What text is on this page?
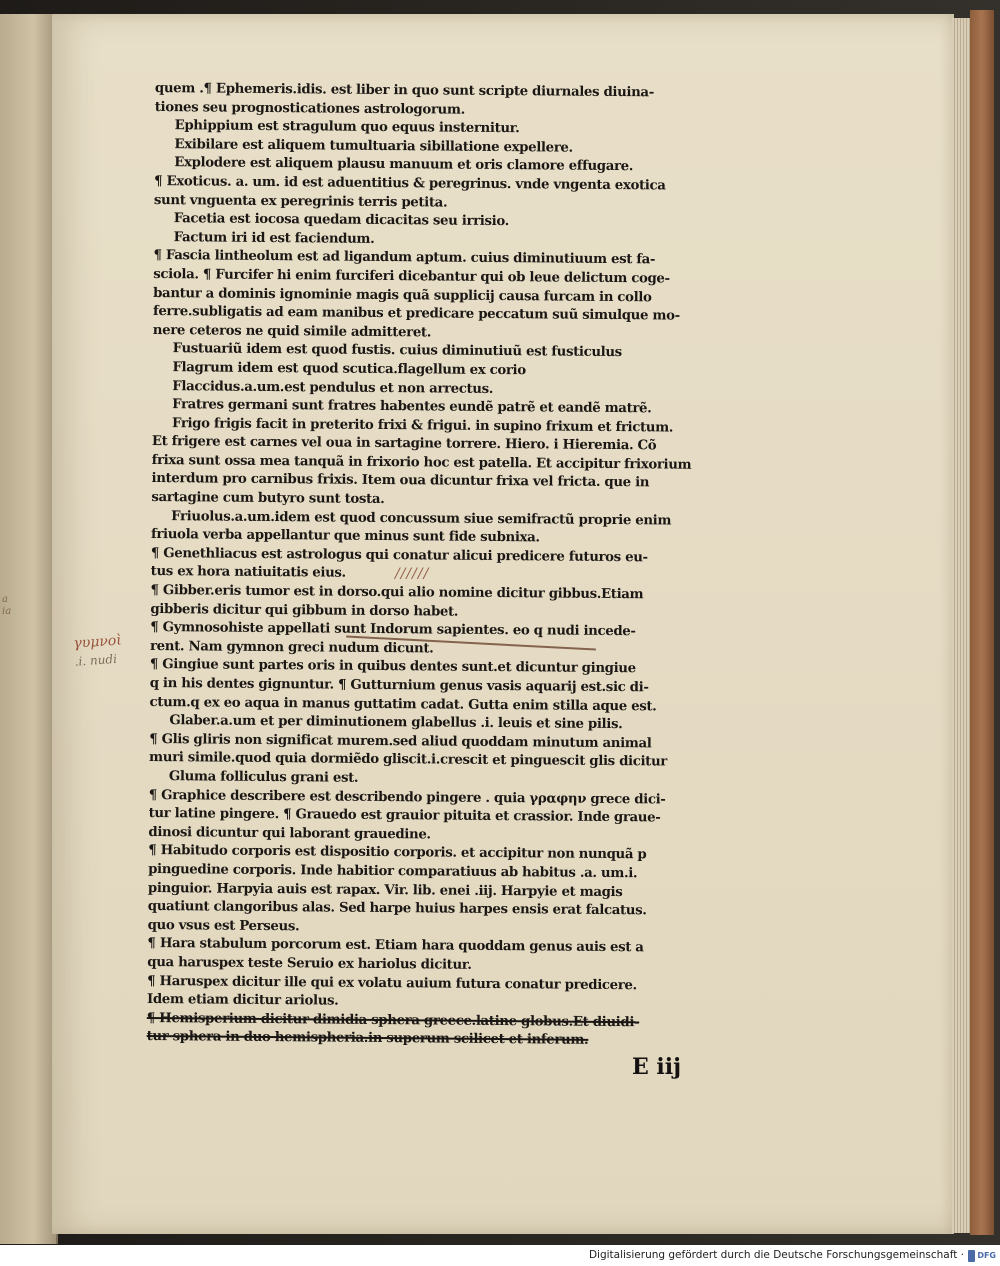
a
ia
quem .¶ Ephemeris.idis. est liber in quo sunt scripte diurnales diuina-
tiones seu prognosticationes astrologorum.
Ephippium est stragulum quo equus insternitur.
Exibilare est aliquem tumultuaria sibillatione expellere.
Explodere est aliquem plausu manuum et oris clamore effugare.
¶ Exoticus. a. um. id est aduentitius & peregrinus. vnde vngenta exotica
sunt vnguenta ex peregrinis terris petita.
Facetia est iocosa quedam dicacitas seu irrisio.
Factum iri id est faciendum.
¶ Fascia lintheolum est ad ligandum aptum. cuius diminutiuum est fa-
sciola. ¶ Furcifer hi enim furciferi dicebantur qui ob leue delictum coge-
bantur a dominis ignominie magis quã supplicij causa furcam in collo
ferre.subligatis ad eam manibus et predicare peccatum suũ simulque mo-
nere ceteros ne quid simile admitteret.
Fustuariũ idem est quod fustis. cuius diminutiuũ est fusticulus
Flagrum idem est quod scutica.flagellum ex corio
Flaccidus.a.um.est pendulus et non arrectus.
Fratres germani sunt fratres habentes eundẽ patrẽ et eandẽ matrẽ.
Frigo frigis facit in preterito frixi & frigui. in supino frixum et frictum.
Et frigere est carnes vel oua in sartagine torrere. Hiero. i Hieremia. Cõ
frixa sunt ossa mea tanquã in frixorio hoc est patella. Et accipitur frixorium
interdum pro carnibus frixis. Item oua dicuntur frixa vel fricta. que in
sartagine cum butyro sunt tosta.
Friuolus.a.um.idem est quod concussum siue semifractũ proprie enim
friuola verba appellantur que minus sunt fide subnixa.
¶ Genethliacus est astrologus qui conatur alicui predicere futuros eu-
tus ex hora natiuitatis eius.
¶ Gibber.eris tumor est in dorso.qui alio nomine dicitur gibbus.Etiam
gibberis dicitur qui gibbum in dorso habet.
¶ Gymnosohiste appellati sunt Indorum sapientes. eo q nudi incede-
rent. Nam gymnon greci nudum dicunt.
¶ Gingiue sunt partes oris in quibus dentes sunt.et dicuntur gingiue
q in his dentes gignuntur. ¶ Gutturnium genus vasis aquarij est.sic di-
ctum.q ex eo aqua in manus guttatim cadat. Gutta enim stilla aque est.
Glaber.a.um et per diminutionem glabellus .i. leuis et sine pilis.
¶ Glis gliris non significat murem.sed aliud quoddam minutum animal
muri simile.quod quia dormiẽdo gliscit.i.crescit et pinguescit glis dicitur
Gluma folliculus grani est.
¶ Graphice describere est describendo pingere . quia γραφην grece dici-
tur latine pingere. ¶ Grauedo est grauior pituita et crassior. Inde graue-
dinosi dicuntur qui laborant grauedine.
¶ Habitudo corporis est dispositio corporis. et accipitur non nunquã p
pinguedine corporis. Inde habitior comparatiuus ab habitus .a. um.i.
pinguior. Harpyia auis est rapax. Vir. lib. enei .iij. Harpyie et magis
quatiunt clangoribus alas. Sed harpe huius harpes ensis erat falcatus.
quo vsus est Perseus.
¶ Hara stabulum porcorum est. Etiam hara quoddam genus auis est a
qua haruspex teste Seruio ex hariolus dicitur.
¶ Haruspex dicitur ille qui ex volatu auium futura conatur predicere.
Idem etiam dicitur ariolus.
¶ Hemisperium dicitur dimidia sphera greece.latine globus.Et diuidi-
tur sphera in duo hemispheria.in superum scilicet et inferum.
//////
γυμνοὶ
.i. nudi
E iij
Digitalisierung gefördert durch die Deutsche Forschungsgemeinschaft · DFG
